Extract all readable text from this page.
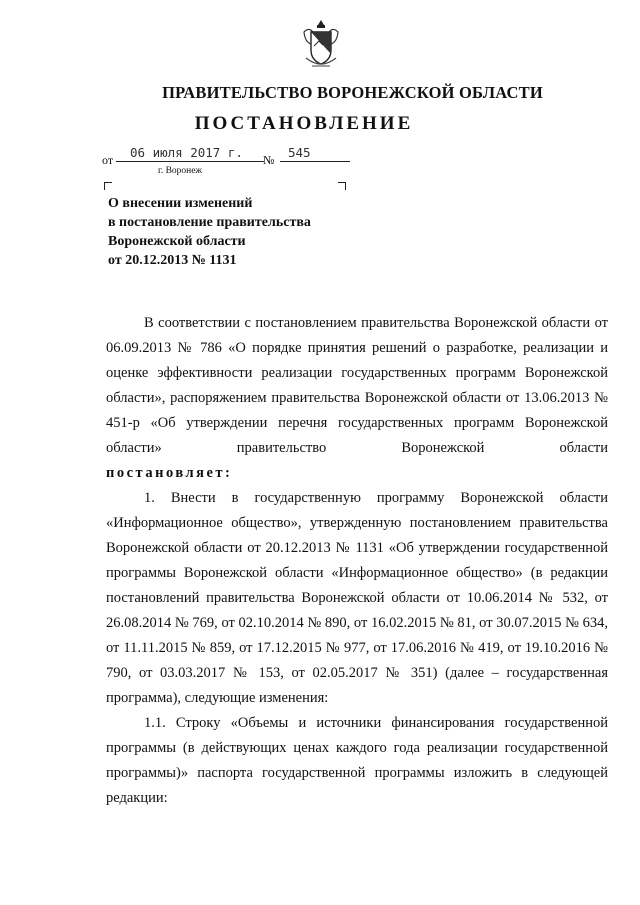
ПРАВИТЕЛЬСТВО ВОРОНЕЖСКОЙ ОБЛАСТИ
ПОСТАНОВЛЕНИЕ
от 06 июля 2017 г. № 545
г. Воронеж
О внесении изменений
в постановление правительства
Воронежской области
от 20.12.2013 № 1131

В соответствии с постановлением правительства Воронежской области от 06.09.2013 № 786 «О порядке принятия решений о разработке, реализации и оценке эффективности реализации государственных программ Воронежской области», распоряжением правительства Воронежской области от 13.06.2013 № 451-р «Об утверждении перечня государственных программ Воронежской области» правительство Воронежской области

постановляет:

1. Внести в государственную программу Воронежской области «Информационное общество», утвержденную постановлением правительства Воронежской области от 20.12.2013 № 1131 «Об утверждении государственной программы Воронежской области «Информационное общество» (в редакции постановлений правительства Воронежской области от 10.06.2014 № 532, от 26.08.2014 № 769, от 02.10.2014 № 890, от 16.02.2015 № 81, от 30.07.2015 № 634, от 11.11.2015 № 859, от 17.12.2015 № 977, от 17.06.2016 № 419, от 19.10.2016 № 790, от 03.03.2017 № 153, от 02.05.2017 № 351) (далее – государственная программа), следующие изменения:

1.1. Строку «Объемы и источники финансирования государственной программы (в действующих ценах каждого года реализации государственной программы)» паспорта государственной программы изложить в следующей редакции:
